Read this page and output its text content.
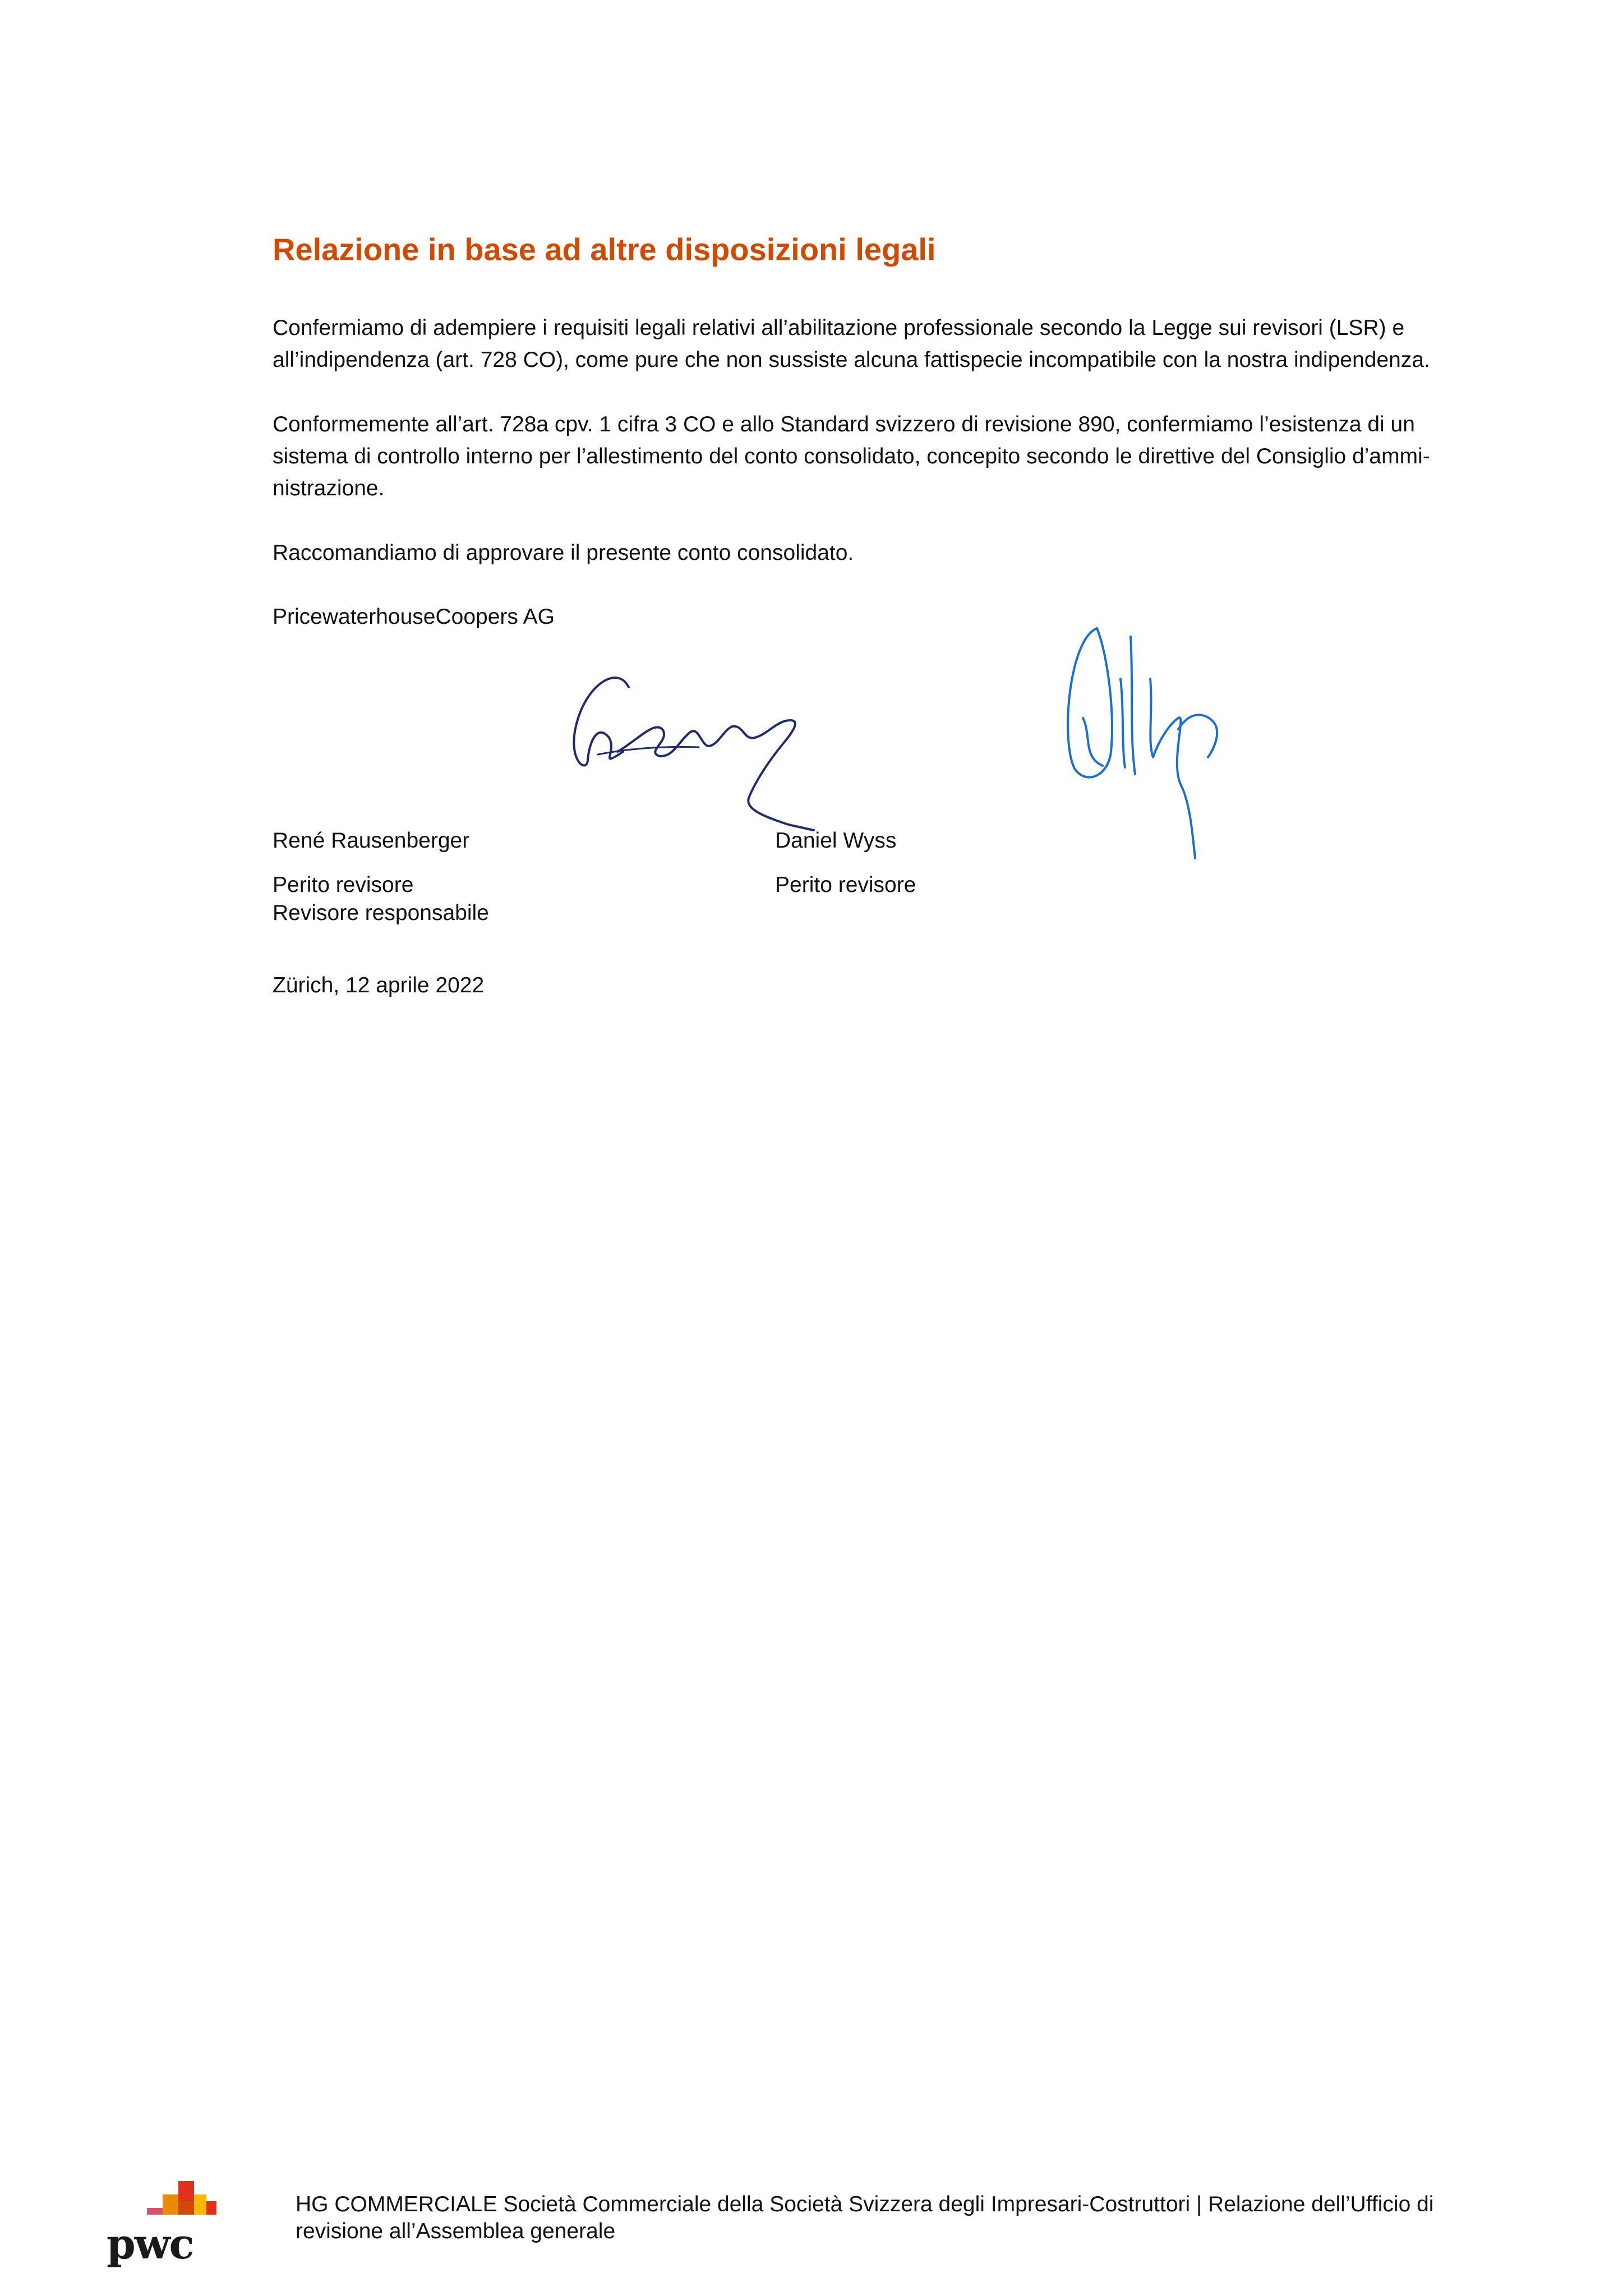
Relazione in base ad altre disposizioni legali

Confermiamo di adempiere i requisiti legali relativi all’abilitazione professionale secondo la Legge sui revisori (LSR) e
all’indipendenza (art. 728 CO), come pure che non sussiste alcuna fattispecie incompatibile con la nostra indipendenza.

Conformemente all’art. 728a cpv. 1 cifra 3 CO e allo Standard svizzero di revisione 890, confermiamo l’esistenza di un
sistema di controllo interno per l’allestimento del conto consolidato, concepito secondo le direttive del Consiglio d’ammi-
nistrazione.

Raccomandiamo di approvare il presente conto consolidato.

PricewaterhouseCoopers AG

René Rausenberger
Perito revisore
Revisore responsabile
Daniel Wyss
Perito revisore

Zürich, 12 aprile 2022

pwc
HG COMMERCIALE Società Commerciale della Società Svizzera degli Impresari-Costruttori | Relazione dell’Ufficio di
revisione all’Assemblea generale
